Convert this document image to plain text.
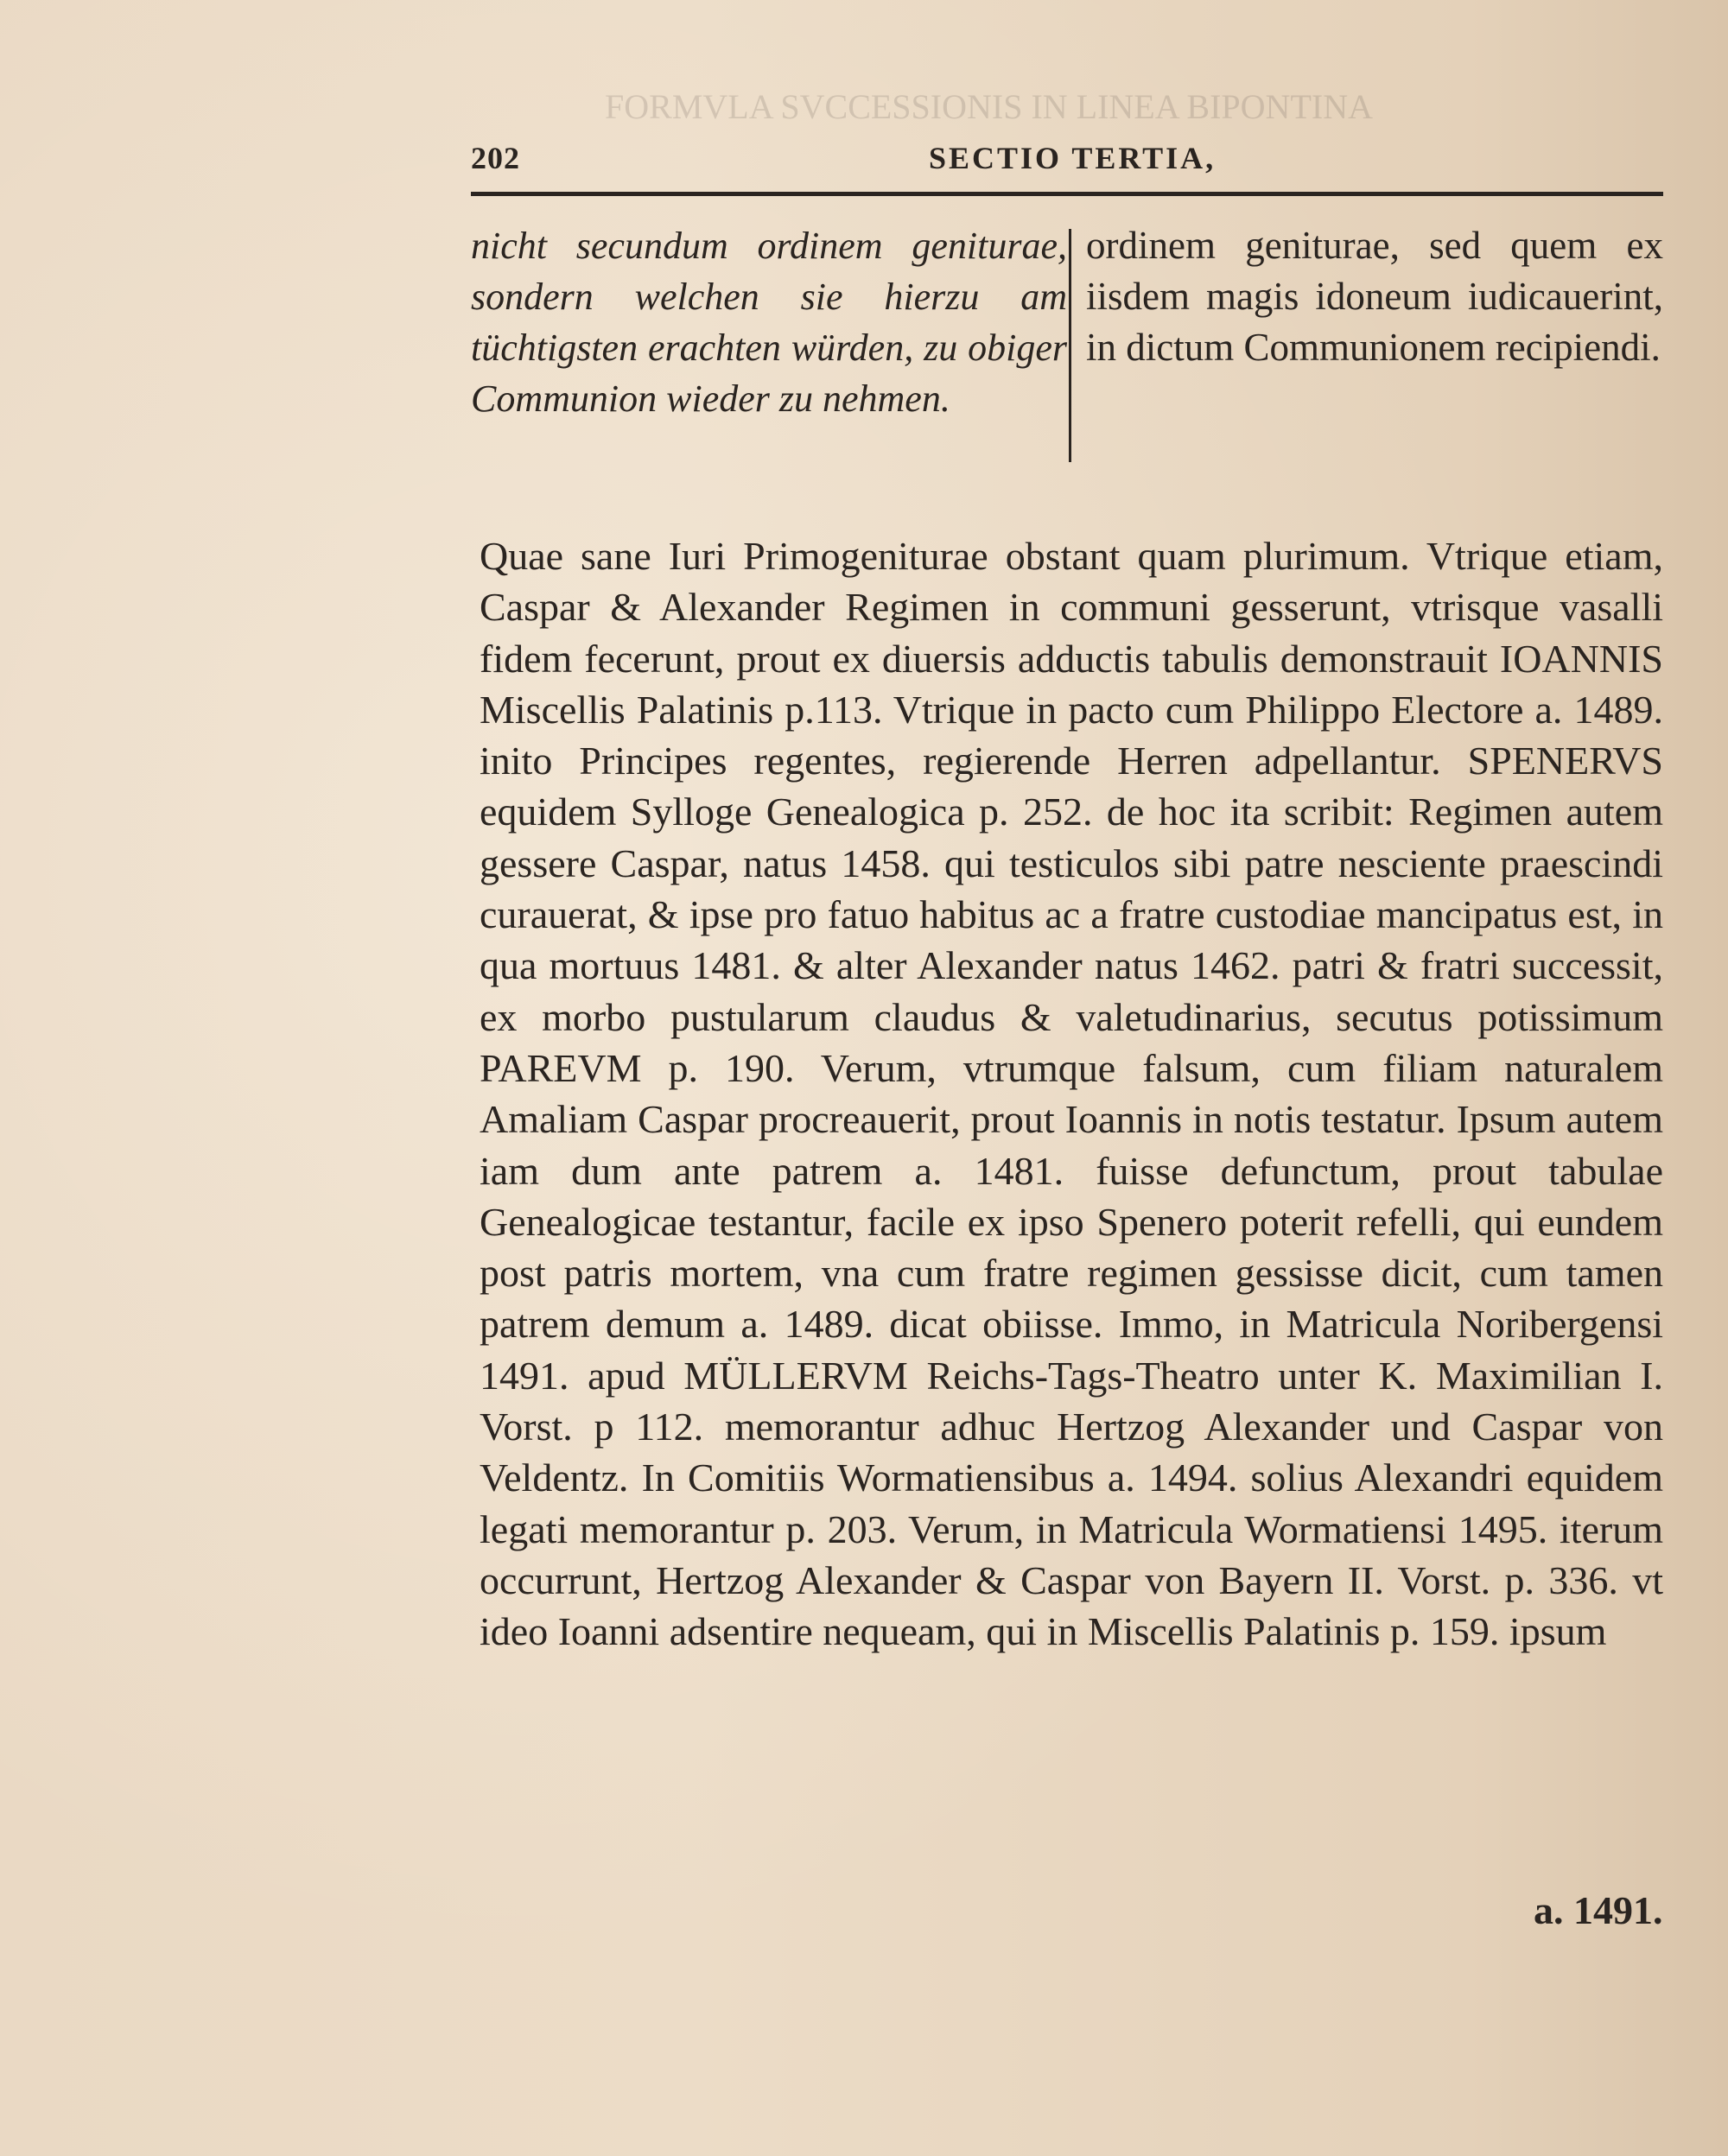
FORMVLA SVCCESSIONIS IN LINEA BIPONTINA
202	SECTIO TERTIA,
nicht secundum ordinem geniturae, sondern welchen sie hierzu am tüchtigsten erachten würden, zu obiger Communion wieder zu nehmen.
ordinem geniturae, sed quem ex iisdem magis idoneum iudicauerint, in dictum Communionem recipiendi.

Quae sane Iuri Primogeniturae obstant quam plurimum. Vtrique etiam, Caspar & Alexander Regimen in communi gesserunt, vtrisque vasalli fidem fecerunt, prout ex diuersis adductis tabulis demonstrauit IOANNIS Miscellis Palatinis p.113. Vtrique in pacto cum Philippo Electore a. 1489. inito Principes regentes, regierende Herren adpellantur. SPENERVS equidem Sylloge Genealogica p. 252. de hoc ita scribit: Regimen autem gessere Caspar, natus 1458. qui testiculos sibi patre nesciente praescindi curauerat, & ipse pro fatuo habitus ac a fratre custodiae mancipatus est, in qua mortuus 1481. & alter Alexander natus 1462. patri & fratri successit, ex morbo pustularum claudus & valetudinarius, secutus potissimum PAREVM p. 190. Verum, vtrumque falsum, cum filiam naturalem Amaliam Caspar procreauerit, prout Ioannis in notis testatur. Ipsum autem iam dum ante patrem a. 1481. fuisse defunctum, prout tabulae Genealogicae testantur, facile ex ipso Spenero poterit refelli, qui eundem post patris mortem, vna cum fratre regimen gessisse dicit, cum tamen patrem demum a. 1489. dicat obiisse. Immo, in Matricula Noribergensi 1491. apud MÜLLERVM Reichs-Tags-Theatro unter K. Maximilian I. Vorst. p 112. memorantur adhuc Hertzog Alexander und Caspar von Veldentz. In Comitiis Wormatiensibus a. 1494. solius Alexandri equidem legati memorantur p. 203. Verum, in Matricula Wormatiensi 1495. iterum occurrunt, Hertzog Alexander & Caspar von Bayern II. Vorst. p. 336. vt ideo Ioanni adsentire nequeam, qui in Miscellis Palatinis p. 159. ipsum

a. 1491.
